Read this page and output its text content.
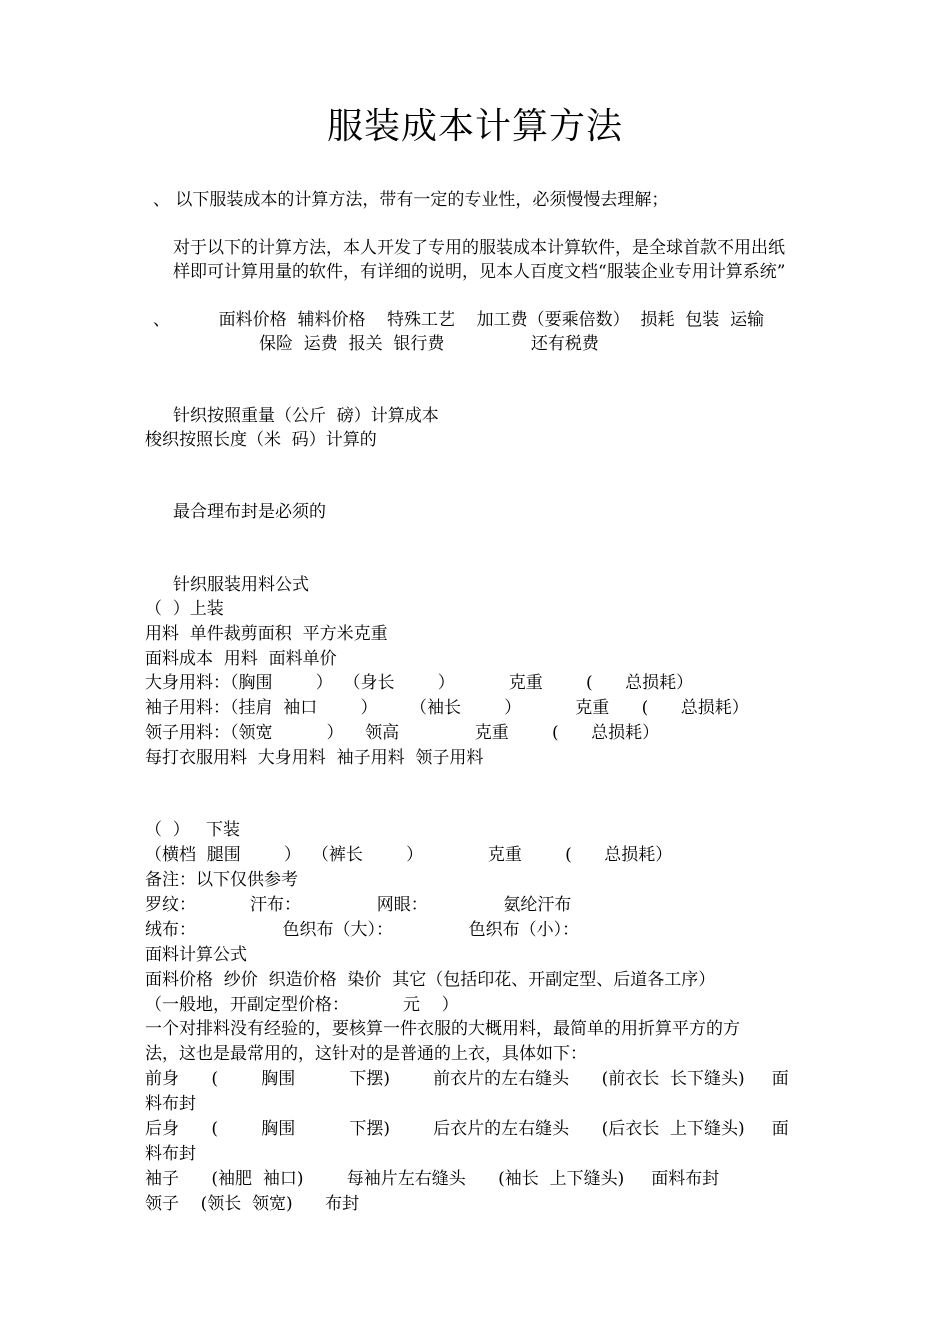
服装成本计算方法
、 以下服装成本的计算方法，带有一定的专业性，必须慢慢去理解；
对于以下的计算方法，本人开发了专用的服装成本计算软件，是全球首款不用出纸
样即可计算用量的软件，有详细的说明，见本人百度文档“服装企业专用计算系统”
、         面料价格  辅料价格    特殊工艺    加工费（要乘倍数）  损耗  包装  运输
保险  运费  报关  银行费                还有税费
针织按照重量（公斤  磅）计算成本
梭织按照长度（米  码）计算的
最合理布封是必须的
针织服装用料公式
（  ）上装
用料  单件裁剪面积  平方米克重
面料成本  用料  面料单价
大身用料：（胸围        ）  （身长        ）          克重        (      总损耗）
袖子用料：（挂肩  袖口        ）      （袖长        ）          克重      (      总损耗）
领子用料：（领宽          ）    领高              克重        (      总损耗）
每打衣服用料  大身用料  袖子用料  领子用料
（  ）   下装
（横档  腿围        ）  （裤长        ）            克重        (      总损耗）
备注：以下仅供参考
罗纹：          汗布：              网眼：              氨纶汗布
绒布：                色织布（大）：              色织布（小）：
面料计算公式
面料价格  纱价  织造价格  染价  其它（包括印花、开副定型、后道各工序）
（一般地，开副定型价格：          元    ）
一个对排料没有经验的，要核算一件衣服的大概用料，最简单的用折算平方的方
法，这也是最常用的，这针对的是普通的上衣，具体如下：
前身      (        胸围          下摆)        前衣片的左右缝头      (前衣长  长下缝头)     面
料布封
后身      (        胸围          下摆)        后衣片的左右缝头      (后衣长  上下缝头)     面
料布封
袖子      (袖肥  袖口)        每袖片左右缝头      (袖长  上下缝头)     面料布封
领子    (领长  领宽)      布封
